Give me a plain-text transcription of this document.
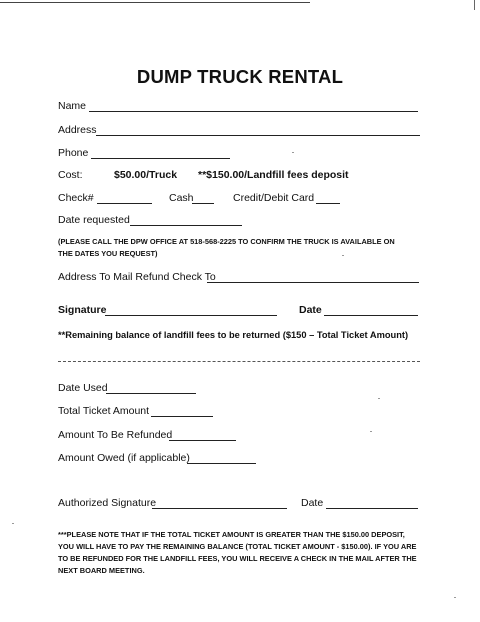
DUMP TRUCK RENTAL
Name
Address
Phone
Cost:	$50.00/Truck **$150.00/Landfill fees deposit
Check#	Cash	Credit/Debit Card
Date requested
(PLEASE CALL THE DPW OFFICE AT 518-568-2225 TO CONFIRM THE TRUCK IS AVAILABLE ON THE DATES YOU REQUEST)
Address To Mail Refund Check To
Signature	Date
**Remaining balance of landfill fees to be returned ($150 – Total Ticket Amount)
Date Used
Total Ticket Amount
Amount To Be Refunded
Amount Owed (if applicable)
Authorized Signature	Date
***PLEASE NOTE THAT IF THE TOTAL TICKET AMOUNT IS GREATER THAN THE $150.00 DEPOSIT, YOU WILL HAVE TO PAY THE REMAINING BALANCE (TOTAL TICKET AMOUNT - $150.00). IF YOU ARE TO BE REFUNDED FOR THE LANDFILL FEES, YOU WILL RECEIVE A CHECK IN THE MAIL AFTER THE NEXT BOARD MEETING.
